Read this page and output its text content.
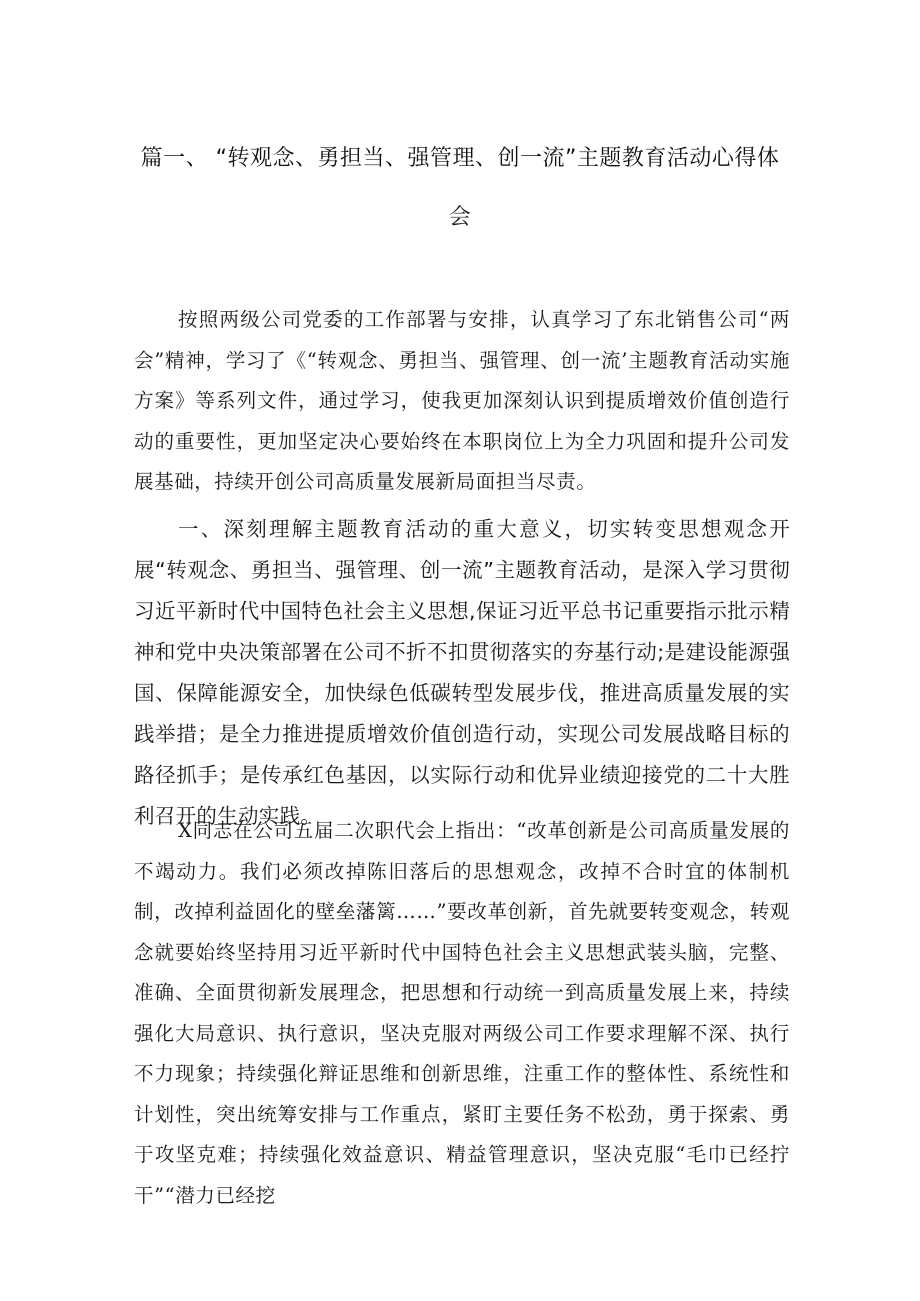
篇一、 “转观念、勇担当、强管理、创一流”主题教育活动心得体
会

按照两级公司党委的工作部署与安排，认真学习了东北销售公司“两会”精神，学习了《“转观念、勇担当、强管理、创一流’主题教育活动实施方案》等系列文件，通过学习，使我更加深刻认识到提质增效价值创造行动的重要性，更加坚定决心要始终在本职岗位上为全力巩固和提升公司发展基础，持续开创公司高质量发展新局面担当尽责。

一、深刻理解主题教育活动的重大意义，切实转变思想观念开展“转观念、勇担当、强管理、创一流”主题教育活动，是深入学习贯彻习近平新时代中国特色社会主义思想,保证习近平总书记重要指示批示精神和党中央决策部署在公司不折不扣贯彻落实的夯基行动;是建设能源强国、保障能源安全，加快绿色低碳转型发展步伐，推进高质量发展的实践举措；是全力推进提质增效价值创造行动，实现公司发展战略目标的路径抓手；是传承红色基因，以实际行动和优异业绩迎接党的二十大胜利召开的生动实践。

X同志在公司五届二次职代会上指出：“改革创新是公司高质量发展的不竭动力。我们必须改掉陈旧落后的思想观念，改掉不合时宜的体制机制，改掉利益固化的壁垒藩篱……”要改革创新，首先就要转变观念，转观念就要始终坚持用习近平新时代中国特色社会主义思想武装头脑，完整、准确、全面贯彻新发展理念，把思想和行动统一到高质量发展上来，持续强化大局意识、执行意识，坚决克服对两级公司工作要求理解不深、执行不力现象；持续强化辩证思维和创新思维，注重工作的整体性、系统性和计划性，突出统筹安排与工作重点，紧盯主要任务不松劲，勇于探索、勇于攻坚克难；持续强化效益意识、精益管理意识，坚决克服“毛巾已经拧干”“潜力已经挖
